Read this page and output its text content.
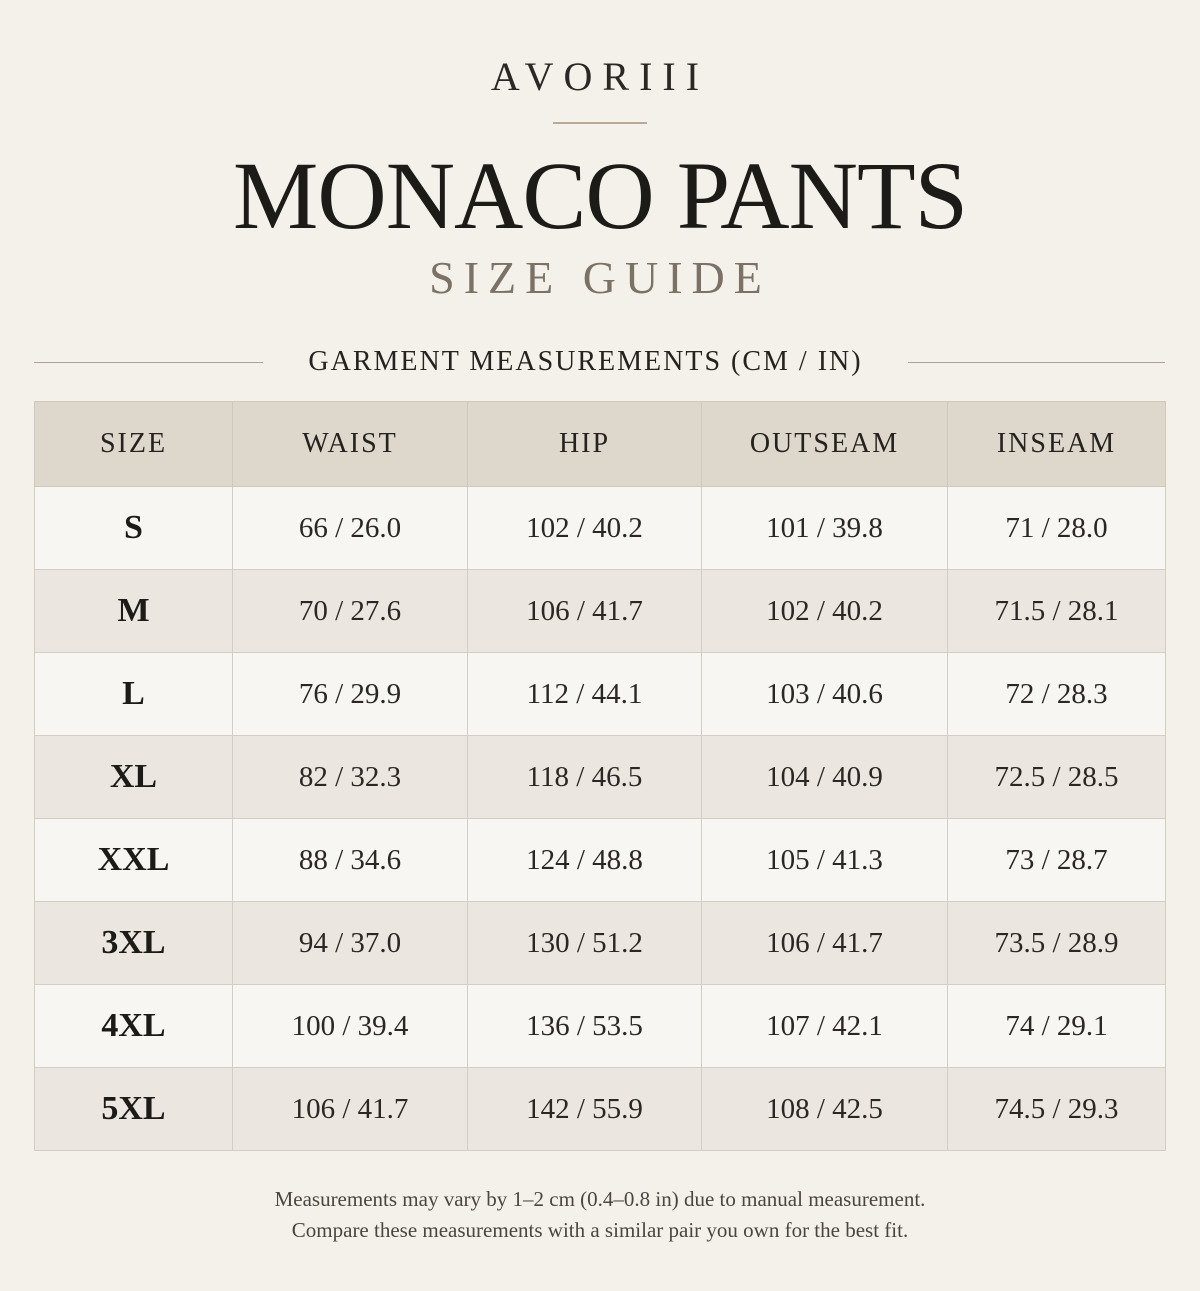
AVORIII
MONACO PANTS
SIZE GUIDE
GARMENT MEASUREMENTS (CM / IN)
SIZE	WAIST	HIP	OUTSEAM	INSEAM
S	66 / 26.0	102 / 40.2	101 / 39.8	71 / 28.0
M	70 / 27.6	106 / 41.7	102 / 40.2	71.5 / 28.1
L	76 / 29.9	112 / 44.1	103 / 40.6	72 / 28.3
XL	82 / 32.3	118 / 46.5	104 / 40.9	72.5 / 28.5
XXL	88 / 34.6	124 / 48.8	105 / 41.3	73 / 28.7
3XL	94 / 37.0	130 / 51.2	106 / 41.7	73.5 / 28.9
4XL	100 / 39.4	136 / 53.5	107 / 42.1	74 / 29.1
5XL	106 / 41.7	142 / 55.9	108 / 42.5	74.5 / 29.3
Measurements may vary by 1–2 cm (0.4–0.8 in) due to manual measurement.
Compare these measurements with a similar pair you own for the best fit.
